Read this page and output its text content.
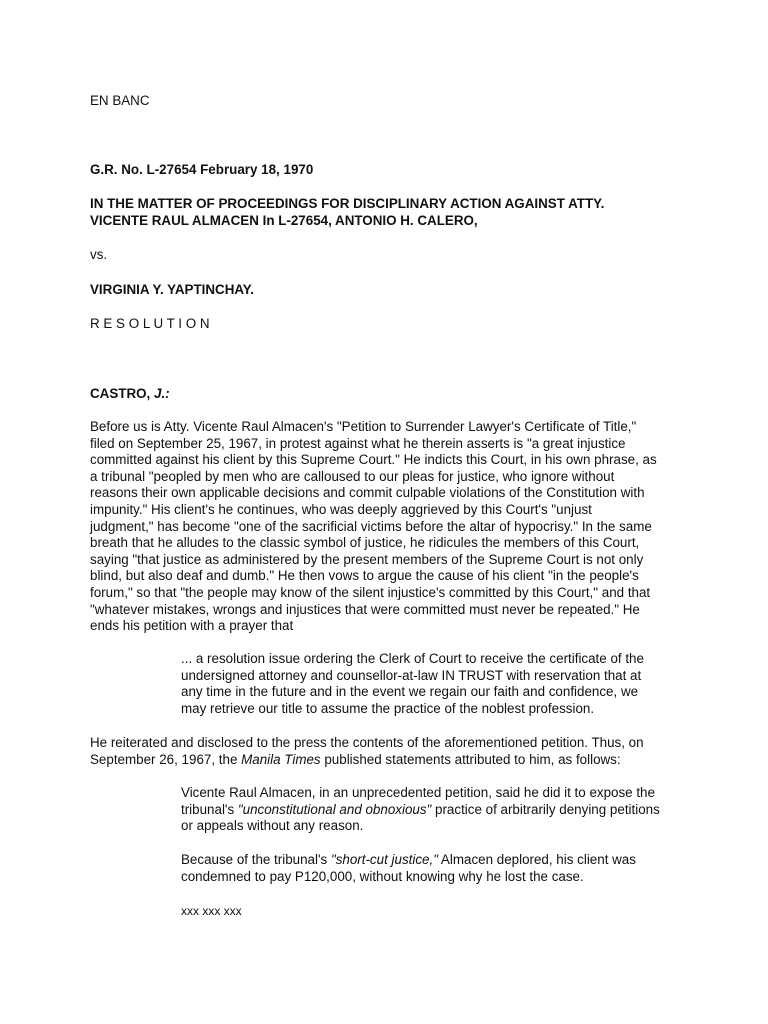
EN BANC

G.R. No. L-27654 February 18, 1970

IN THE MATTER OF PROCEEDINGS FOR DISCIPLINARY ACTION AGAINST ATTY.
VICENTE RAUL ALMACEN In L-27654, ANTONIO H. CALERO,

vs.

VIRGINIA Y. YAPTINCHAY.

R E S O L U T I O N

CASTRO, J.:

Before us is Atty. Vicente Raul Almacen's "Petition to Surrender Lawyer's Certificate of Title,"
filed on September 25, 1967, in protest against what he therein asserts is "a great injustice
committed against his client by this Supreme Court." He indicts this Court, in his own phrase, as
a tribunal "peopled by men who are calloused to our pleas for justice, who ignore without
reasons their own applicable decisions and commit culpable violations of the Constitution with
impunity." His client's he continues, who was deeply aggrieved by this Court's "unjust
judgment," has become "one of the sacrificial victims before the altar of hypocrisy." In the same
breath that he alludes to the classic symbol of justice, he ridicules the members of this Court,
saying "that justice as administered by the present members of the Supreme Court is not only
blind, but also deaf and dumb." He then vows to argue the cause of his client "in the people's
forum," so that "the people may know of the silent injustice's committed by this Court," and that
"whatever mistakes, wrongs and injustices that were committed must never be repeated." He
ends his petition with a prayer that
... a resolution issue ordering the Clerk of Court to receive the certificate of the
undersigned attorney and counsellor-at-law IN TRUST with reservation that at
any time in the future and in the event we regain our faith and confidence, we
may retrieve our title to assume the practice of the noblest profession.
He reiterated and disclosed to the press the contents of the aforementioned petition. Thus, on
September 26, 1967, the Manila Times published statements attributed to him, as follows:
Vicente Raul Almacen, in an unprecedented petition, said he did it to expose the
tribunal's "unconstitutional and obnoxious" practice of arbitrarily denying petitions
or appeals without any reason.
Because of the tribunal's "short-cut justice," Almacen deplored, his client was
condemned to pay P120,000, without knowing why he lost the case.
xxx xxx xxx
